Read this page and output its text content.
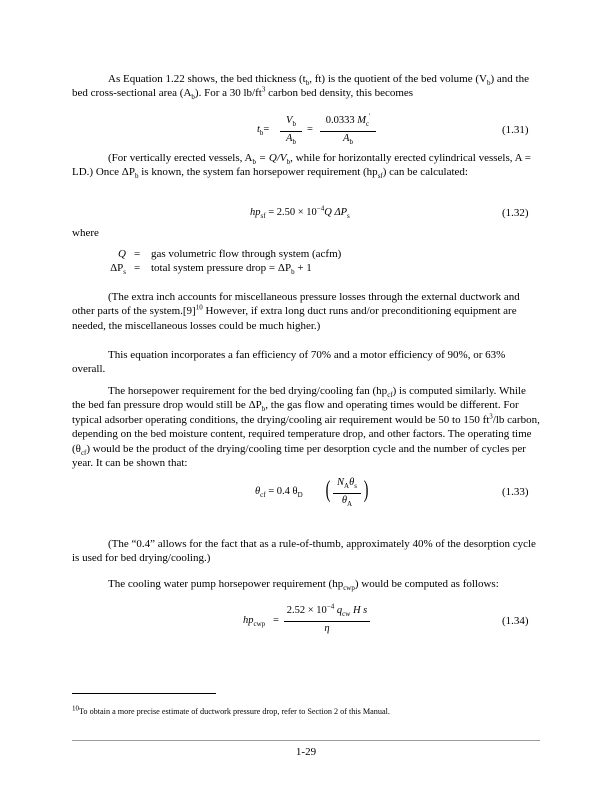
As Equation 1.22 shows, the bed thickness ($t_b$, ft) is the quotient of the bed volume $(V_b)$ and the bed cross-sectional area $(A_b)$. For a 30 $lb/ft^3$ carbon bed density, this becomes

$t_b=$
$V_b$
$A_b$
=
0.0333 $M_c'$
$A_b$
(1.31)

(For vertically erected vessels, $A_b = Q/V_b$, while for horizontally erected cylindrical vessels, A = LD.) Once $\Delta P_b$ is known, the system fan horsepower requirement $(hp_{sf})$ can be calculated:

$hp_{sf} = 2.50 \times 10^{-4}Q$ $\Delta P_s$	(1.32)

where

Q = gas volumetric flow through system (acfm)
$\Delta P_s$ = total system pressure drop = $\Delta P_b + 1$

(The extra inch accounts for miscellaneous pressure losses through the external ductwork and other parts of the $system.[9]^{10}$ However, if extra long duct runs and/or preconditioning equipment are needed, the miscellaneous losses could be much higher.)

This equation incorporates a fan efficiency of 70% and a motor efficiency of 90%, or 63% overall.

The horsepower requirement for the bed drying/cooling fan $(hp_{cf})$ is computed similarly. While the bed fan pressure drop would still be $\Delta P_b$, the gas flow and operating times would be different. For typical adsorber operating conditions, the drying/cooling air requirement would be 50 to 150 $ft^3/lb$ carbon, depending on the bed moisture content, required temperature drop, and other factors. The operating time $(\theta_{cf})$ would be the product of the drying/cooling time per desorption cycle and the number of cycles per year. It can be shown that:

$\theta_{cf} = 0.4$ $\theta_D$ ( $N_A\theta_s$
$\theta_A$
)	(1.33)

(The “0.4” allows for the fact that as a rule-of-thumb, approximately 40% of the desorption cycle is used for bed drying/cooling.)

The cooling water pump horsepower requirement $(hp_{cwp})$ would be computed as follows:

$hp_{cwp}$ =
$2.52 \times 10^{-4}$ $q_{cw}$ H s
η
(1.34)
$^{10}$To obtain a more precise estimate of ductwork pressure drop, refer to Section 2 of this Manual.
1-29
